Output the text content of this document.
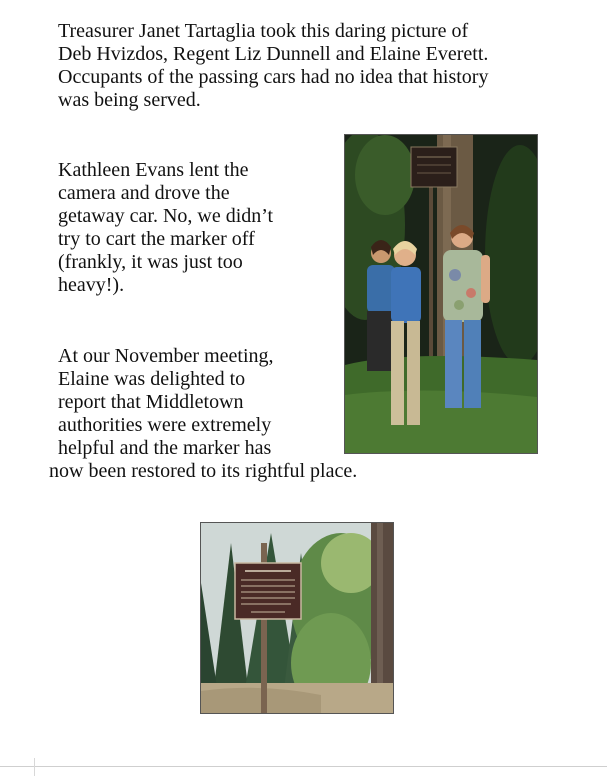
Treasurer Janet Tartaglia took this daring picture of
Deb Hvizdos, Regent Liz Dunnell and Elaine Everett.
Occupants of the passing cars had no idea that history
was being served.
Kathleen Evans lent the
camera and drove the
getaway car. No, we didn’t
try to cart the marker off
(frankly, it was just too
heavy!).
At our November meeting,
Elaine was delighted to
report that Middletown
authorities were extremely
helpful and the marker has
now been restored to its rightful place.
